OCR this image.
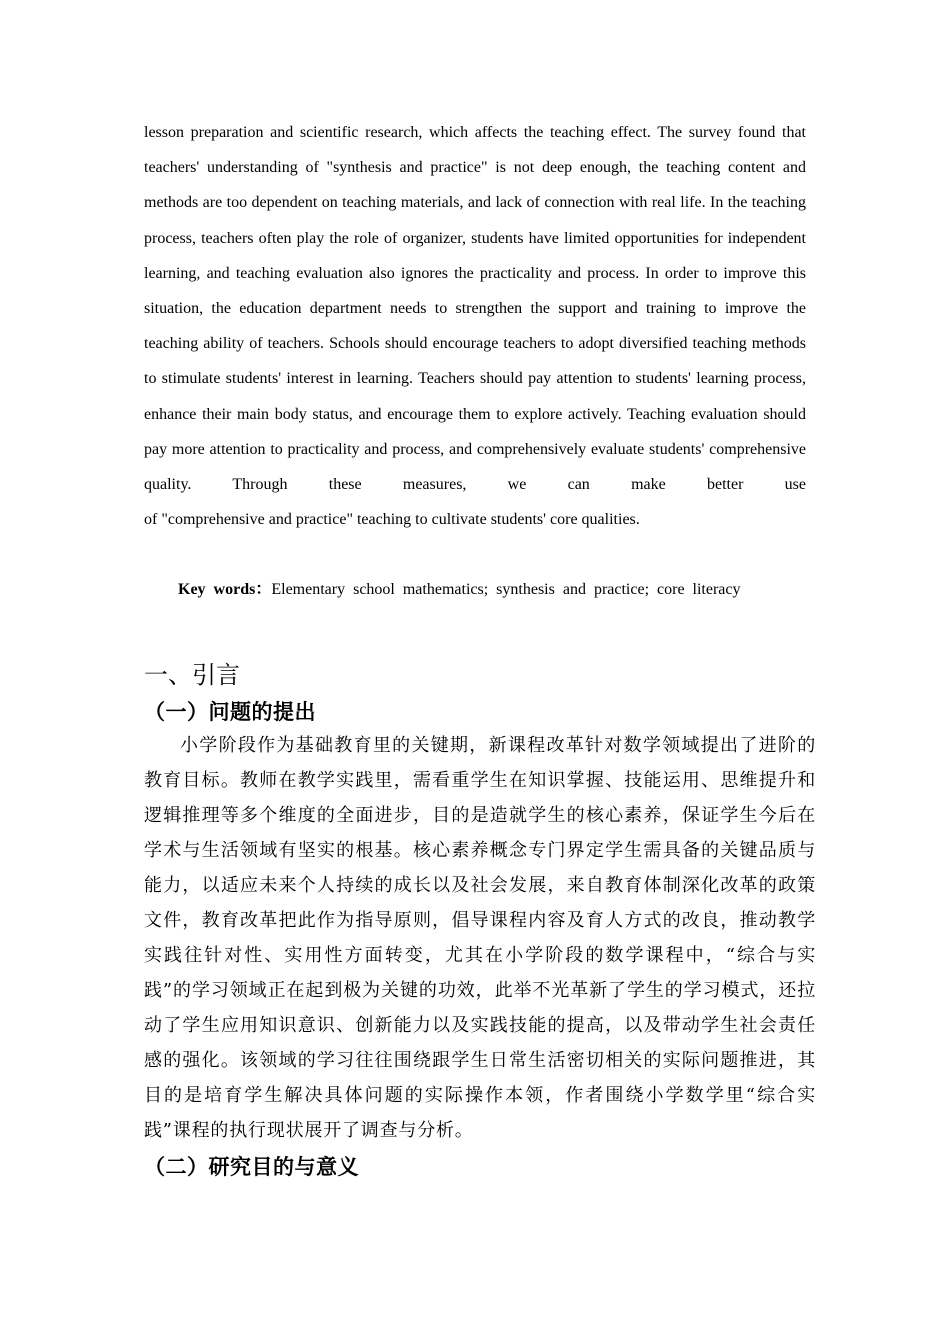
lesson preparation and scientific research, which affects the teaching effect. The survey found that teachers' understanding of "synthesis and practice" is not deep enough, the teaching content and methods are too dependent on teaching materials, and lack of connection with real life. In the teaching process, teachers often play the role of organizer, students have limited opportunities for independent learning, and teaching evaluation also ignores the practicality and process. In order to improve this situation, the education department needs to strengthen the support and training to improve the teaching ability of teachers. Schools should encourage teachers to adopt diversified teaching methods to stimulate students' interest in learning. Teachers should pay attention to students' learning process, enhance their main body status, and encourage them to explore actively. Teaching evaluation should pay more attention to practicality and process, and comprehensively evaluate students' comprehensive quality. Through these measures, we can make better use
of "comprehensive and practice" teaching to cultivate students' core qualities.

Key words：Elementary school mathematics; synthesis and practice; core literacy

一、引言
（一）问题的提出

小学阶段作为基础教育里的关键期，新课程改革针对数学领域提出了进阶的教育目标。教师在教学实践里，需看重学生在知识掌握、技能运用、思维提升和逻辑推理等多个维度的全面进步，目的是造就学生的核心素养，保证学生今后在学术与生活领域有坚实的根基。核心素养概念专门界定学生需具备的关键品质与能力，以适应未来个人持续的成长以及社会发展，来自教育体制深化改革的政策文件，教育改革把此作为指导原则，倡导课程内容及育人方式的改良，推动教学实践往针对性、实用性方面转变，尤其在小学阶段的数学课程中，“综合与实践”的学习领域正在起到极为关键的功效，此举不光革新了学生的学习模式，还拉动了学生应用知识意识、创新能力以及实践技能的提高，以及带动学生社会责任感的强化。该领域的学习往往围绕跟学生日常生活密切相关的实际问题推进，其目的是培育学生解决具体问题的实际操作本领，作者围绕小学数学里“综合实践”课程的执行现状展开了调查与分析。

（二）研究目的与意义
